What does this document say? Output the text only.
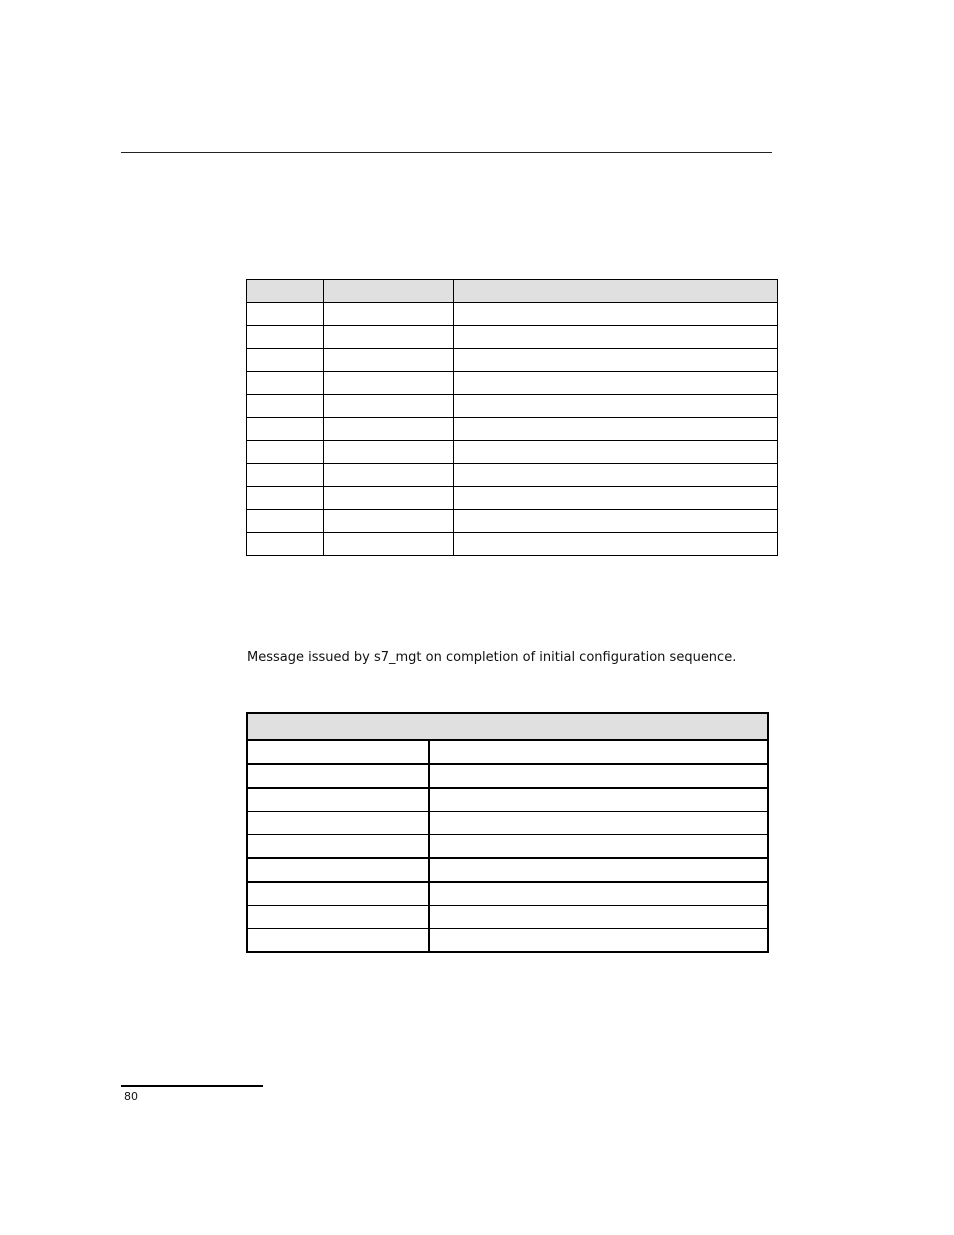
Message issued by s7_mgt on completion of initial configuration sequence.

80
